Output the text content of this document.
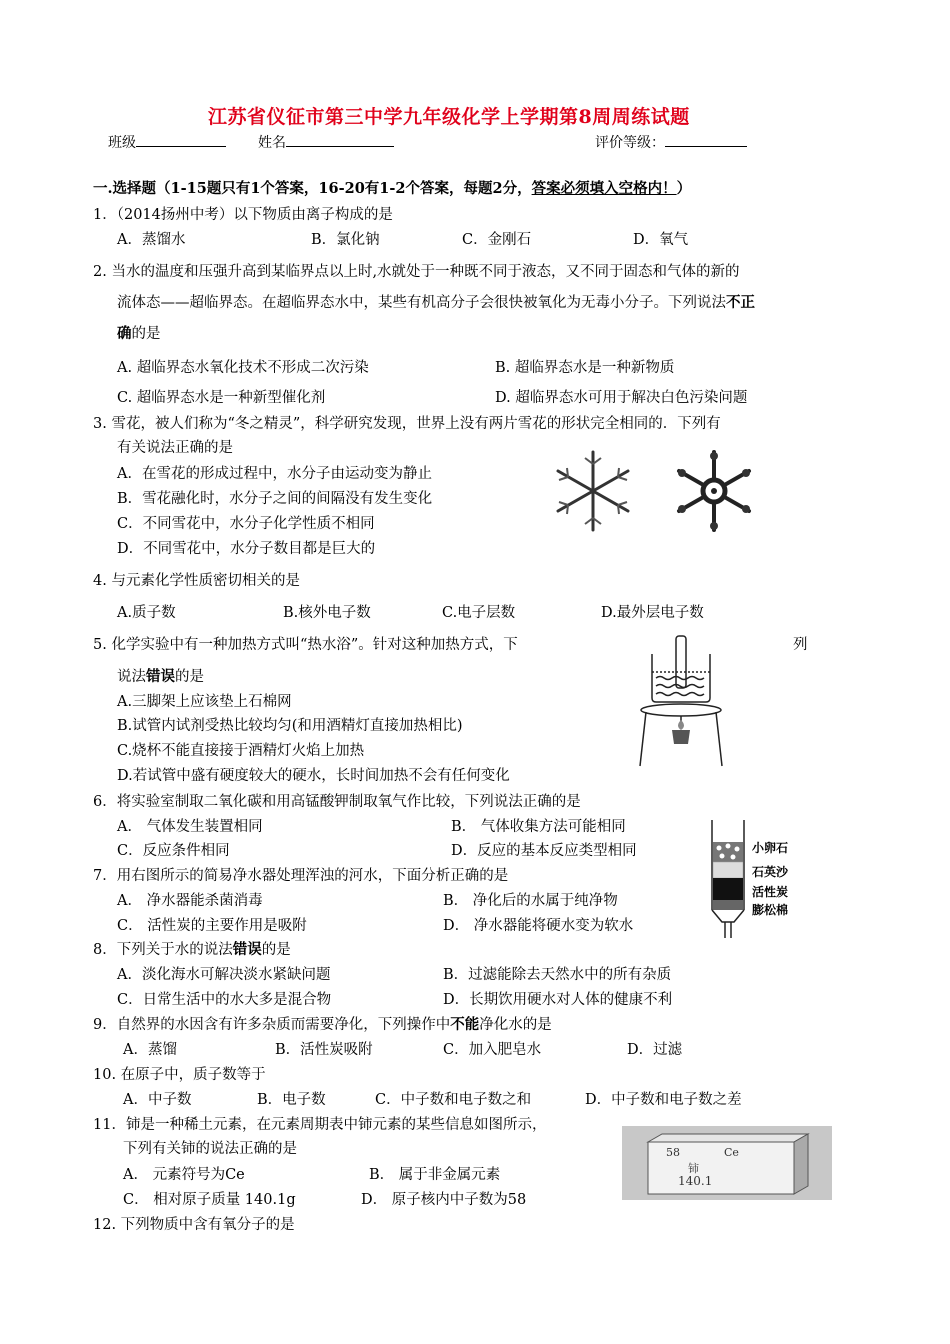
江苏省仪征市第三中学九年级化学上学期第8周周练试题
班级	姓名	评价等级：
一.选择题（1-15题只有1个答案，16-20有1-2个答案，每题2分，答案必须填入空格内！）
1．（2014扬州中考）以下物质由离子构成的是
A．蒸馏水	B．氯化钠	C．金刚石	D．氧气
2. 当水的温度和压强升高到某临界点以上时,水就处于一种既不同于液态，又不同于固态和气体的新的
流体态——超临界态。在超临界态水中，某些有机高分子会很快被氧化为无毒小分子。下列说法不正
确的是
A. 超临界态水氧化技术不形成二次污染	B. 超临界态水是一种新物质
C. 超临界态水是一种新型催化剂	D. 超临界态水可用于解决白色污染问题
3. 雪花，被人们称为“冬之精灵”，科学研究发现，世界上没有两片雪花的形状完全相同的．下列有
有关说法正确的是
A．在雪花的形成过程中，水分子由运动变为静止
B．雪花融化时，水分子之间的间隔没有发生变化
C．不同雪花中，水分子化学性质不相同
D．不同雪花中，水分子数目都是巨大的
4. 与元素化学性质密切相关的是
A.质子数	B.核外电子数	C.电子层数	D.最外层电子数
5. 化学实验中有一种加热方式叫“热水浴”。针对这种加热方式，下	列
说法错误的是
A.三脚架上应该垫上石棉网
B.试管内试剂受热比较均匀(和用酒精灯直接加热相比)
C.烧杯不能直接接于酒精灯火焰上加热
D.若试管中盛有硬度较大的硬水，长时间加热不会有任何变化
6．将实验室制取二氧化碳和用高锰酸钾制取氧气作比较，下列说法正确的是
A． 气体发生装置相同	B． 气体收集方法可能相同
C．反应条件相同	D．反应的基本反应类型相同
7．用右图所示的简易净水器处理浑浊的河水，下面分析正确的是
A． 净水器能杀菌消毒	B． 净化后的水属于纯净物
C． 活性炭的主要作用是吸附	D． 净水器能将硬水变为软水
小卵石
石英沙
活性炭
膨松棉
8．下列关于水的说法错误的是
A．淡化海水可解决淡水紧缺问题	B．过滤能除去天然水中的所有杂质
C．日常生活中的水大多是混合物	D．长期饮用硬水对人体的健康不利
9．自然界的水因含有许多杂质而需要净化，下列操作中不能净化水的是
A．蒸馏	B．活性炭吸附	C．加入肥皂水	D．过滤
10. 在原子中，质子数等于
A．中子数	B．电子数	C．中子数和电子数之和	D．中子数和电子数之差
11．铈是一种稀土元素，在元素周期表中铈元素的某些信息如图所示，
下列有关铈的说法正确的是
A． 元素符号为Ce	B． 属于非金属元素
C． 相对原子质量 140.1g	D． 原子核内中子数为58
58	Ce
铈
140.1
12. 下列物质中含有氧分子的是
